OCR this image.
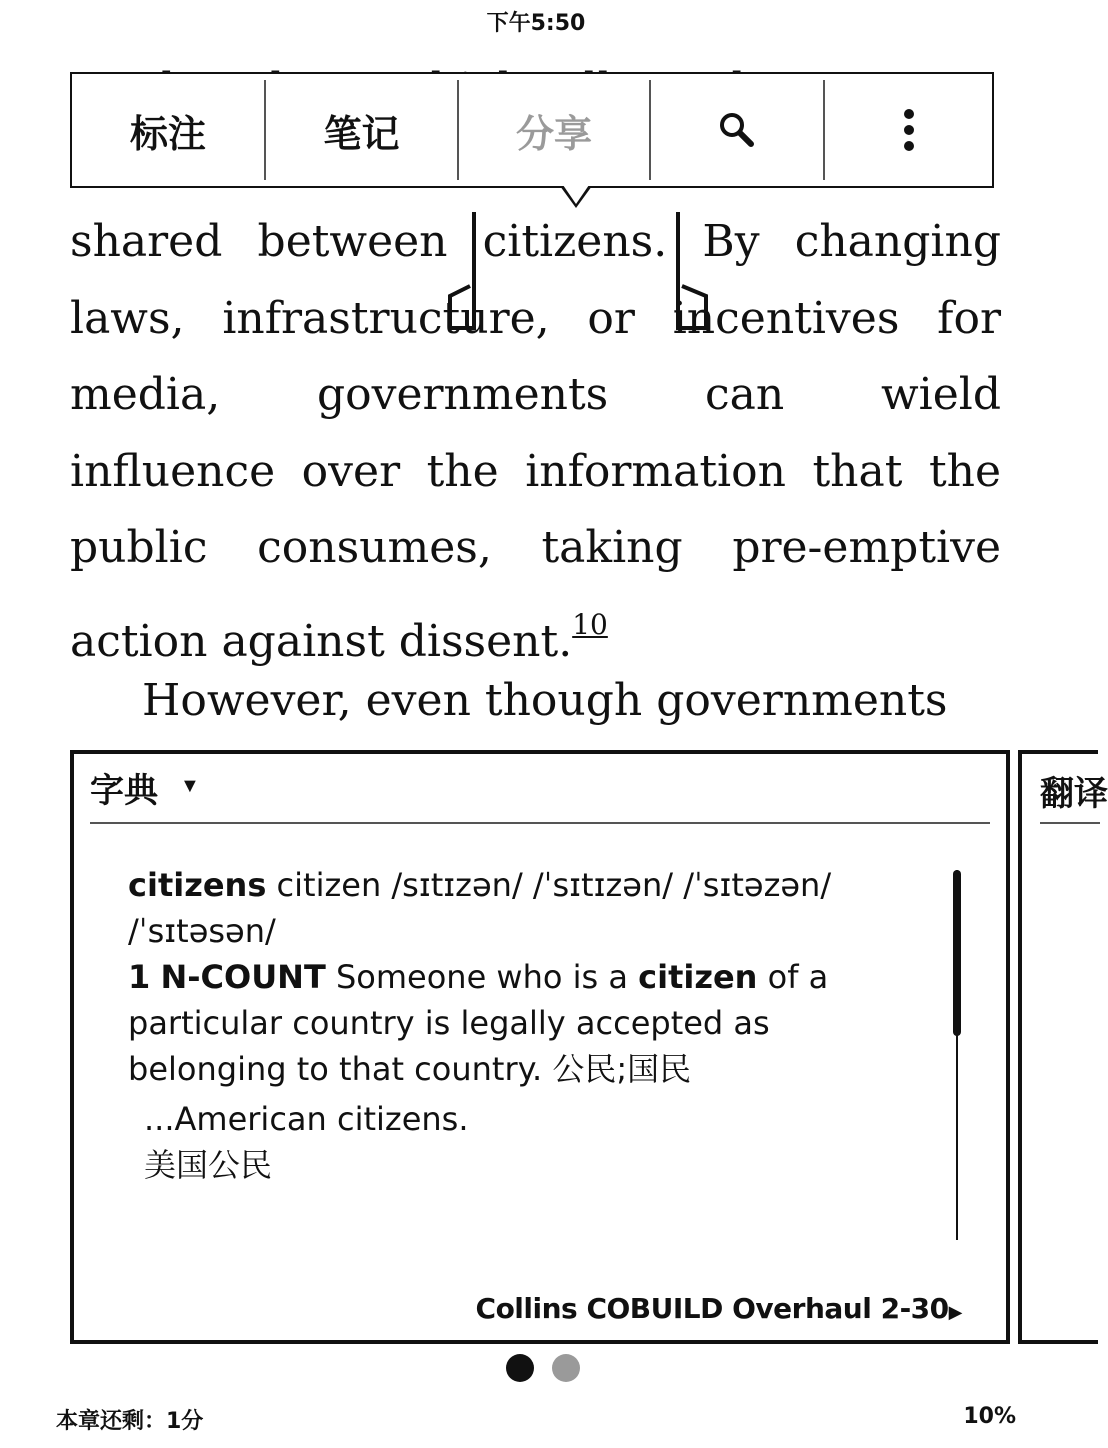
下午5:50
shared between citizens. By changing
laws, infrastructure, or incentives for
media, governments can wield
influence over the information that the
public consumes, taking pre-emptive
action against dissent.$^{10}$
However, even though governments
标注	笔记	分享
字典 ▼
citizens citizen /sɪtɪzən/ /ˈsɪtɪzən/ /ˈsɪtəzən/
/ˈsɪtəsən/
1 N-COUNT Someone who is a citizen of a
particular country is legally accepted as
belonging to that country. 公民;国民
...American citizens.
美国公民
Collins COBUILD Overhaul 2-30▶
翻译
本章还剩：1分	10%
